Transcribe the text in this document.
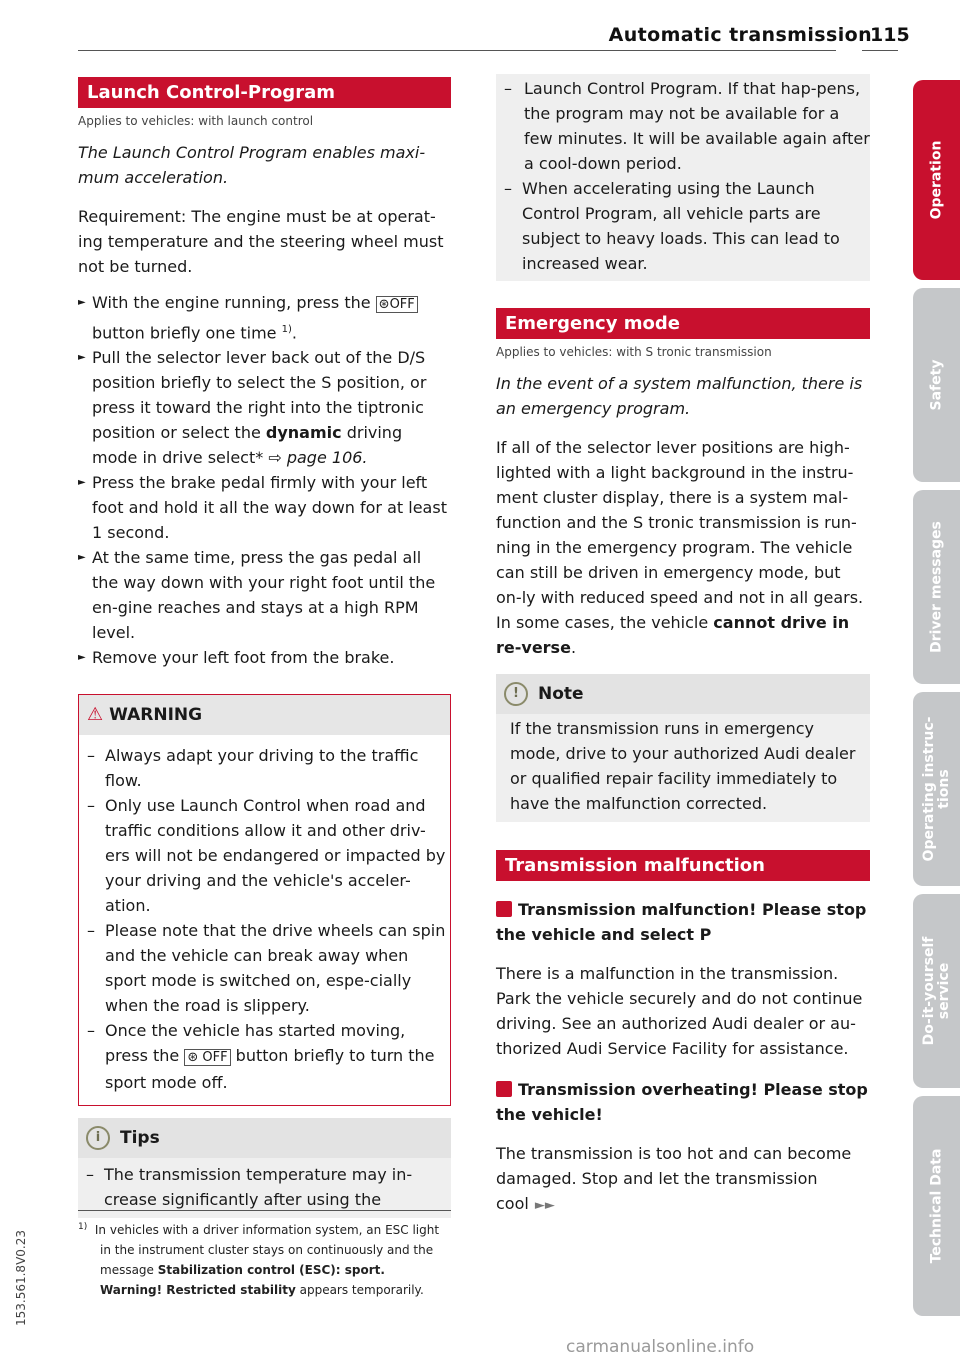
Automatic transmission
115
Operation
Safety
Driver messages
Operating instruc-tions
Do-it-yourself service
Technical Data
Launch Control-Program
Applies to vehicles: with launch control
The Launch Control Program enables maxi-mum acceleration.

Requirement: The engine must be at operat-ing temperature and the steering wheel must not be turned.

► With the engine running, press the ⊛OFF button briefly one time $^{1)}$.
► Pull the selector lever back out of the D/S position briefly to select the S position, or press it toward the right into the tiptronic position or select the dynamic driving mode in drive select* ⇨ page 106.
► Press the brake pedal firmly with your left foot and hold it all the way down for at least 1 second.
► At the same time, press the gas pedal all the way down with your right foot until the en-gine reaches and stays at a high RPM level.
► Remove your left foot from the brake.
⚠ WARNING
– Always adapt your driving to the traffic flow.
– Only use Launch Control when road and traffic conditions allow it and other driv-ers will not be endangered or impacted by your driving and the vehicle's acceler-ation.
– Please note that the drive wheels can spin and the vehicle can break away when sport mode is switched on, espe-cially when the road is slippery.
– Once the vehicle has started moving, press the ⊛ OFF button briefly to turn the sport mode off.
i Tips
– The transmission temperature may in-crease significantly after using the
– Launch Control Program. If that hap-pens, the program may not be available for a few minutes. It will be available again after a cool-down period.
– When accelerating using the Launch Control Program, all vehicle parts are subject to heavy loads. This can lead to increased wear.
Emergency mode
Applies to vehicles: with S tronic transmission
In the event of a system malfunction, there is an emergency program.

If all of the selector lever positions are high-lighted with a light background in the instru-ment cluster display, there is a system mal-function and the S tronic transmission is run-ning in the emergency program. The vehicle can still be driven in emergency mode, but on-ly with reduced speed and not in all gears. In some cases, the vehicle cannot drive in re-verse.

! Note

If the transmission runs in emergency mode, drive to your authorized Audi dealer or qualified repair facility immediately to have the malfunction corrected.

Transmission malfunction
Transmission malfunction! Please stop the vehicle and select P

There is a malfunction in the transmission. Park the vehicle securely and do not continue driving. See an authorized Audi dealer or au-thorized Audi Service Facility for assistance.

Transmission overheating! Please stop the vehicle!

The transmission is too hot and can become damaged. Stop and let the transmission cool ►►

$^{1)}$ In vehicles with a driver information system, an ESC light in the instrument cluster stays on continuously and the message Stabilization control (ESC): sport. Warning! Restricted stability appears temporarily.
153.561.8V0.23
carmanualsonline.info
